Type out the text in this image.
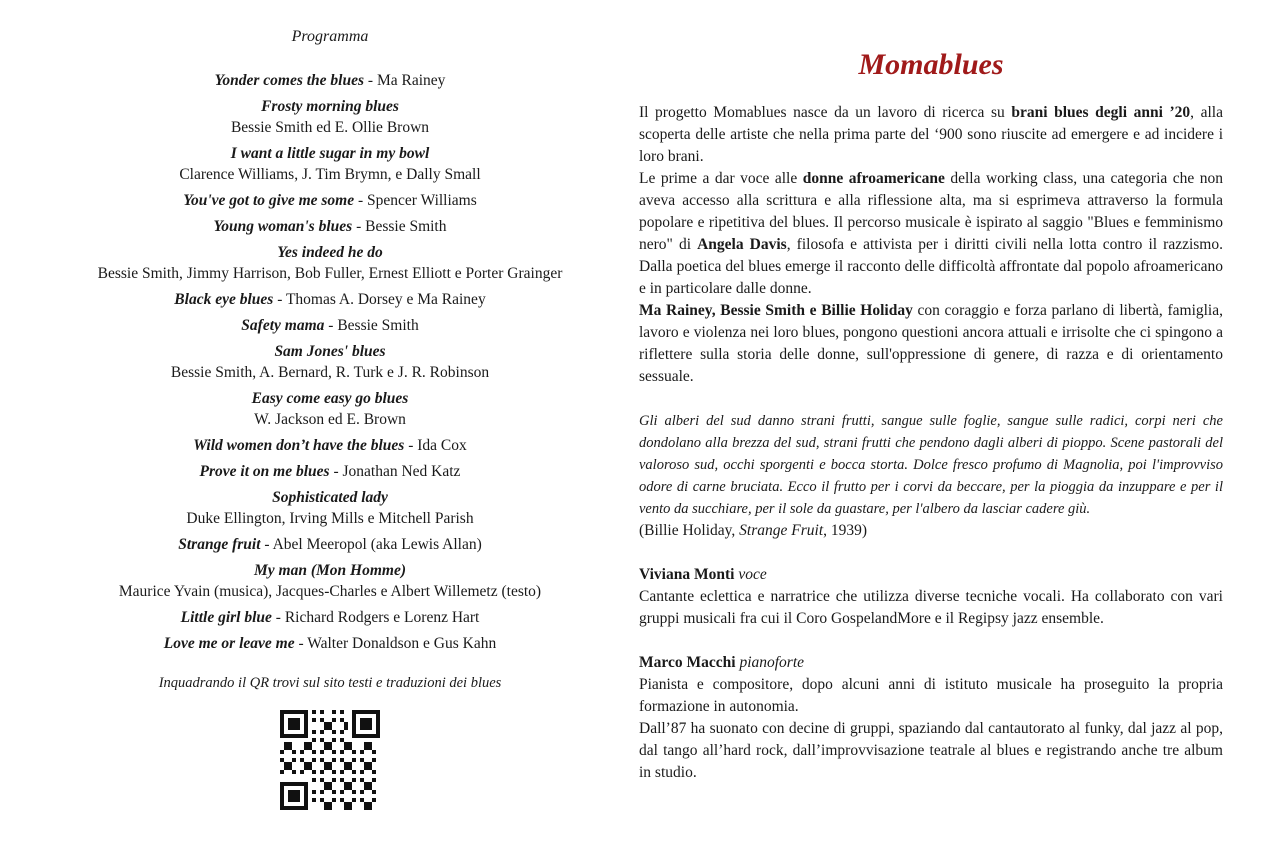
Programma
Yonder comes the blues - Ma Rainey
Frosty morning blues
Bessie Smith ed E. Ollie Brown
I want a little sugar in my bowl
Clarence Williams, J. Tim Brymn, e Dally Small
You've got to give me some - Spencer Williams
Young woman's blues - Bessie Smith
Yes indeed he do
Bessie Smith, Jimmy Harrison, Bob Fuller, Ernest Elliott e Porter Grainger
Black eye blues - Thomas A. Dorsey e Ma Rainey
Safety mama - Bessie Smith
Sam Jones' blues
Bessie Smith, A. Bernard, R. Turk e J. R. Robinson
Easy come easy go blues
W. Jackson ed E. Brown
Wild women don’t have the blues - Ida Cox
Prove it on me blues - Jonathan Ned Katz
Sophisticated lady
Duke Ellington, Irving Mills e Mitchell Parish
Strange fruit - Abel Meeropol (aka Lewis Allan)
My man (Mon Homme)
Maurice Yvain (musica), Jacques-Charles e Albert Willemetz (testo)
Little girl blue - Richard Rodgers e Lorenz Hart
Love me or leave me - Walter Donaldson e Gus Kahn
Inquadrando il QR trovi sul sito testi e traduzioni dei blues
Momablues

Il progetto Momablues nasce da un lavoro di ricerca su brani blues degli anni ’20, alla scoperta delle artiste che nella prima parte del ‘900 sono riuscite ad emergere e ad incidere i loro brani.

Le prime a dar voce alle donne afroamericane della working class, una categoria che non aveva accesso alla scrittura e alla riflessione alta, ma si esprimeva attraverso la formula popolare e ripetitiva del blues. Il percorso musicale è ispirato al saggio "Blues e femminismo nero" di Angela Davis, filosofa e attivista per i diritti civili nella lotta contro il razzismo. Dalla poetica del blues emerge il racconto delle difficoltà affrontate dal popolo afroamericano e in particolare dalle donne.

Ma Rainey, Bessie Smith e Billie Holiday con coraggio e forza parlano di libertà, famiglia, lavoro e violenza nei loro blues, pongono questioni ancora attuali e irrisolte che ci spingono a riflettere sulla storia delle donne, sull'oppressione di genere, di razza e di orientamento sessuale.

Gli alberi del sud danno strani frutti, sangue sulle foglie, sangue sulle radici, corpi neri che dondolano alla brezza del sud, strani frutti che pendono dagli alberi di pioppo. Scene pastorali del valoroso sud, occhi sporgenti e bocca storta. Dolce fresco profumo di Magnolia, poi l'improvviso odore di carne bruciata. Ecco il frutto per i corvi da beccare, per la pioggia da inzuppare e per il vento da succhiare, per il sole da guastare, per l'albero da lasciar cadere giù.

(Billie Holiday, Strange Fruit, 1939)

Viviana Monti voce

Cantante eclettica e narratrice che utilizza diverse tecniche vocali. Ha collaborato con vari gruppi musicali fra cui il Coro GospelandMore e il Regipsy jazz ensemble.

Marco Macchi pianoforte

Pianista e compositore, dopo alcuni anni di istituto musicale ha proseguito la propria formazione in autonomia.

Dall’87 ha suonato con decine di gruppi, spaziando dal cantautorato al funky, dal jazz al pop, dal tango all’hard rock, dall’improvvisazione teatrale al blues e registrando anche tre album in studio.
